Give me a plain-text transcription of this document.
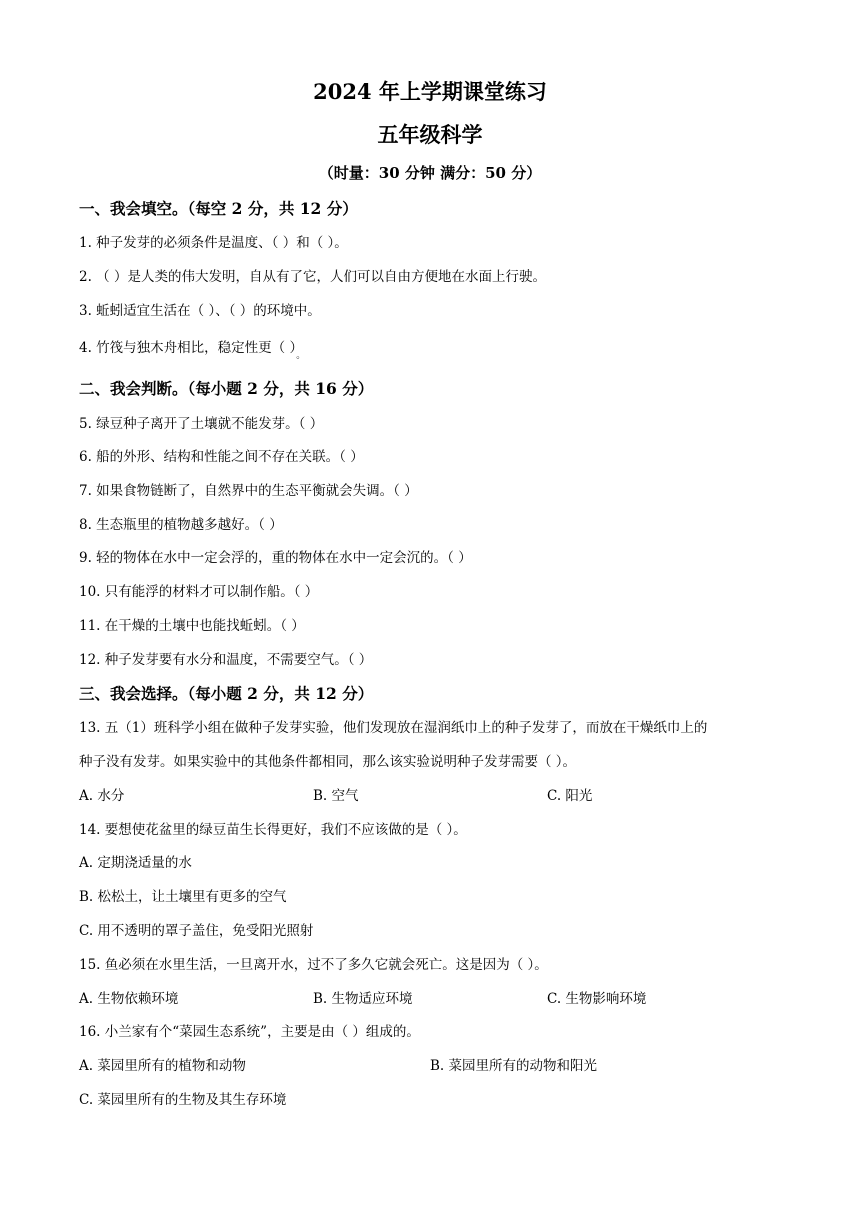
2024 年上学期课堂练习
五年级科学
（时量：30 分钟 满分：50 分）
一、我会填空。（每空 2 分，共 12 分）
1. 种子发芽的必须条件是温度、（ ）和（ ）。
2. （ ）是人类的伟大发明，自从有了它，人们可以自由方便地在水面上行驶。
3. 蚯蚓适宜生活在（ ）、（ ）的环境中。
4. 竹筏与独木舟相比，稳定性更（ ）$_。$
二、我会判断。（每小题 2 分，共 16 分）
5. 绿豆种子离开了土壤就不能发芽。（ ）
6. 船的外形、结构和性能之间不存在关联。（ ）
7. 如果食物链断了，自然界中的生态平衡就会失调。（ ）
8. 生态瓶里的植物越多越好。（ ）
9. 轻的物体在水中一定会浮的，重的物体在水中一定会沉的。（ ）
10. 只有能浮的材料才可以制作船。（ ）
11. 在干燥的土壤中也能找蚯蚓。（ ）
12. 种子发芽要有水分和温度，不需要空气。（ ）
三、我会选择。（每小题 2 分，共 12 分）
13. 五（1）班科学小组在做种子发芽实验，他们发现放在湿润纸巾上的种子发芽了，而放在干燥纸巾上的
种子没有发芽。如果实验中的其他条件都相同，那么该实验说明种子发芽需要（ ）。
A. 水分	B. 空气	C. 阳光
14. 要想使花盆里的绿豆苗生长得更好，我们不应该做的是（ ）。
A. 定期浇适量的水
B. 松松土，让土壤里有更多的空气
C. 用不透明的罩子盖住，免受阳光照射
15. 鱼必须在水里生活，一旦离开水，过不了多久它就会死亡。这是因为（ ）。
A. 生物依赖环境	B. 生物适应环境	C. 生物影响环境
16. 小兰家有个“菜园生态系统”，主要是由（ ）组成的。
A. 菜园里所有的植物和动物	B. 菜园里所有的动物和阳光
C. 菜园里所有的生物及其生存环境
